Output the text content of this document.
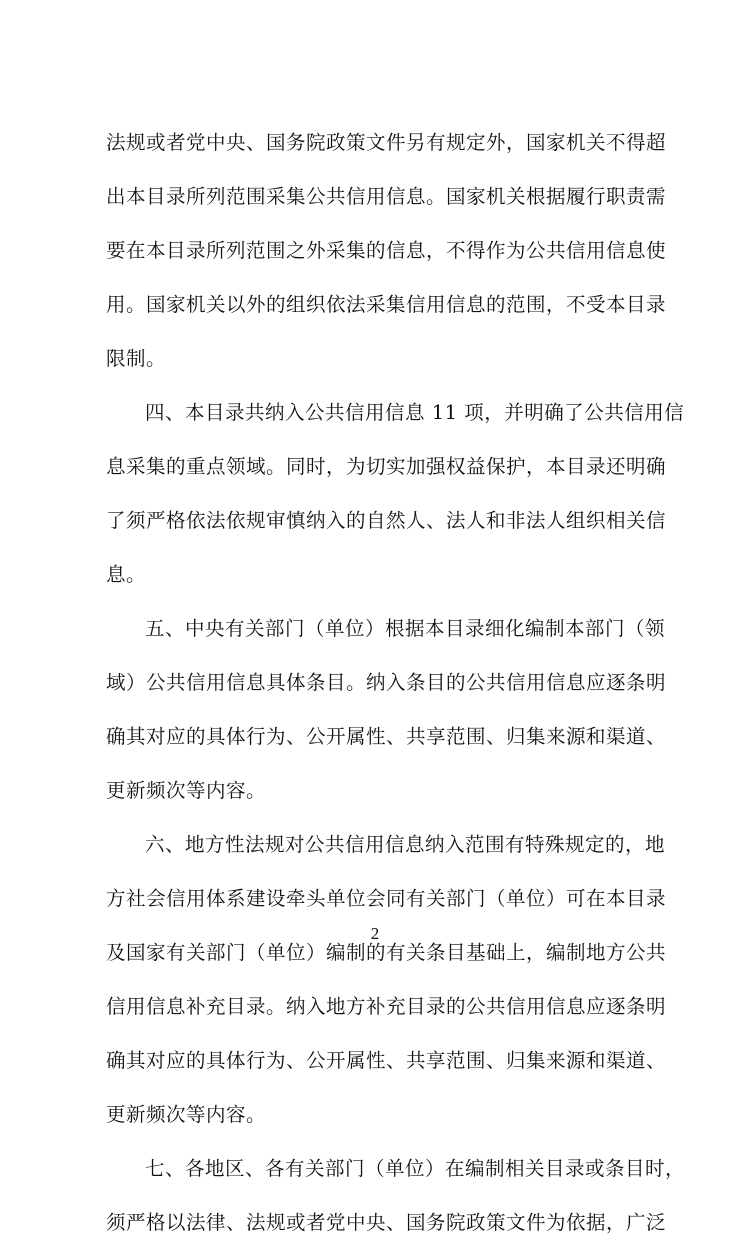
法规或者党中央、国务院政策文件另有规定外，国家机关不得超
出本目录所列范围采集公共信用信息。国家机关根据履行职责需
要在本目录所列范围之外采集的信息，不得作为公共信用信息使
用。国家机关以外的组织依法采集信用信息的范围，不受本目录
限制。
四、本目录共纳入公共信用信息 11 项，并明确了公共信用信
息采集的重点领域。同时，为切实加强权益保护，本目录还明确
了须严格依法依规审慎纳入的自然人、法人和非法人组织相关信
息。
五、中央有关部门（单位）根据本目录细化编制本部门（领
域）公共信用信息具体条目。纳入条目的公共信用信息应逐条明
确其对应的具体行为、公开属性、共享范围、归集来源和渠道、
更新频次等内容。
六、地方性法规对公共信用信息纳入范围有特殊规定的，地
方社会信用体系建设牵头单位会同有关部门（单位）可在本目录
及国家有关部门（单位）编制的有关条目基础上，编制地方公共
信用信息补充目录。纳入地方补充目录的公共信用信息应逐条明
确其对应的具体行为、公开属性、共享范围、归集来源和渠道、
更新频次等内容。
七、各地区、各有关部门（单位）在编制相关目录或条目时，
须严格以法律、法规或者党中央、国务院政策文件为依据，广泛
2
